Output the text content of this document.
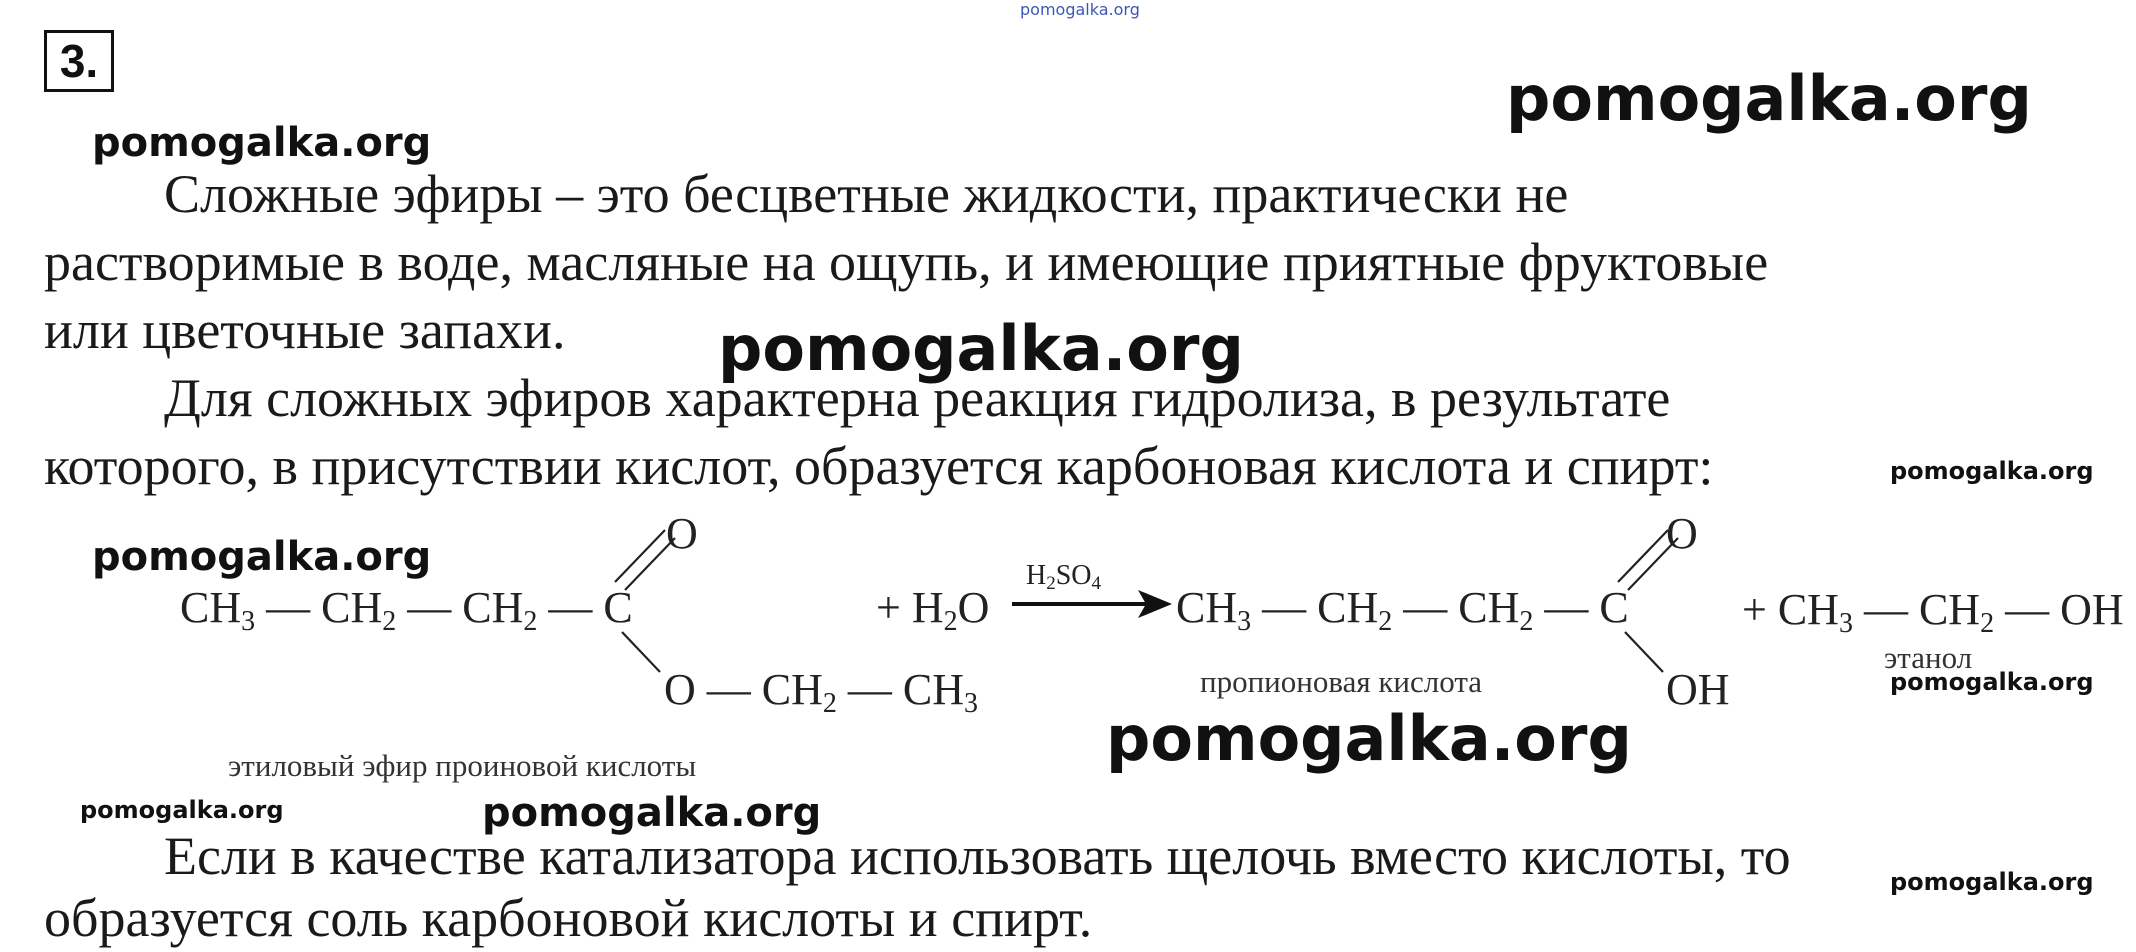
pomogalka.org
3.
pomogalka.org
pomogalka.org
Сложные эфиры – это бесцветные жидкости, практически не
растворимые в воде, масляные на ощупь, и имеющие приятные фруктовые
или цветочные запахи. pomogalka.org
Для сложных эфиров характерна реакция гидролиза, в результате
которого, в присутствии кислот, образуется карбоновая кислота и спирт:	pomogalka.org
pomogalka.org
$CH_3$ — $CH_2$ — $CH_2$ — C
O
O — $CH_2$ — $CH_3$
+ $H_2O$
$H_2SO_4$ $CH_3$ — $CH_2$ — $CH_2$ — C
O
OH
+ $CH_3$ — $CH_2$ — OH
пропионовая кислота
этанол
pomogalka.org
pomogalka.org
этиловый эфир проиновой кислоты
pomogalka.org	pomogalka.org
Если в качестве катализатора использовать щелочь вместо кислоты, то
образуется соль карбоновой кислоты и спирт.
pomogalka.org
